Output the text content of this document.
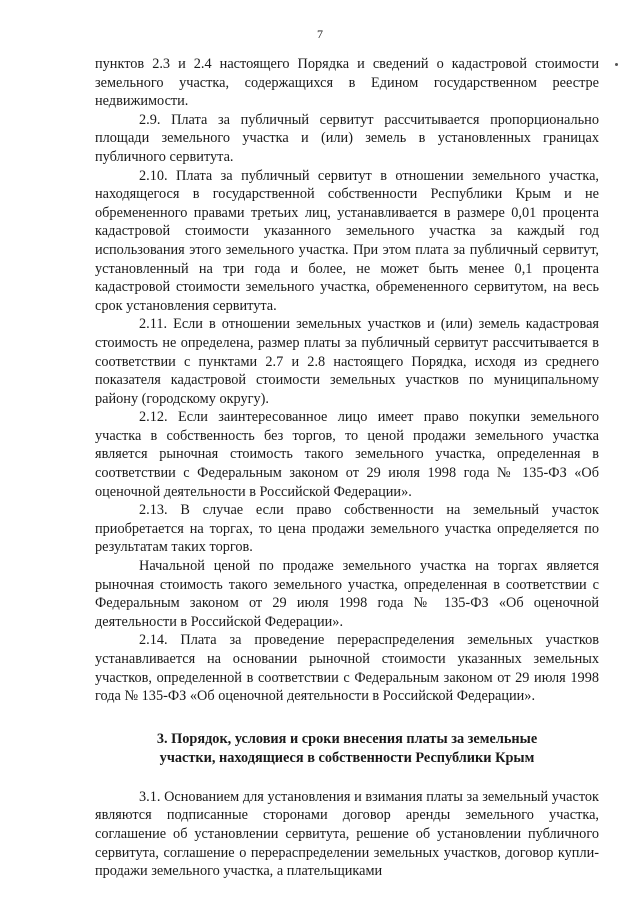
7

пунктов 2.3 и 2.4 настоящего Порядка и сведений о кадастровой стоимости земельного участка, содержащихся в Едином государственном реестре недвижимости.

2.9. Плата за публичный сервитут рассчитывается пропорционально площади земельного участка и (или) земель в установленных границах публичного сервитута.

2.10. Плата за публичный сервитут в отношении земельного участка, находящегося в государственной собственности Республики Крым и не обремененного правами третьих лиц, устанавливается в размере 0,01 процента кадастровой стоимости указанного земельного участка за каждый год использования этого земельного участка. При этом плата за публичный сервитут, установленный на три года и более, не может быть менее 0,1 процента кадастровой стоимости земельного участка, обремененного сервитутом, на весь срок установления сервитута.

2.11. Если в отношении земельных участков и (или) земель кадастровая стоимость не определена, размер платы за публичный сервитут рассчитывается в соответствии с пунктами 2.7 и 2.8 настоящего Порядка, исходя из среднего показателя кадастровой стоимости земельных участков по муниципальному району (городскому округу).

2.12. Если заинтересованное лицо имеет право покупки земельного участка в собственность без торгов, то ценой продажи земельного участка является рыночная стоимость такого земельного участка, определенная в соответствии с Федеральным законом от 29 июля 1998 года № 135-ФЗ «Об оценочной деятельности в Российской Федерации».

2.13. В случае если право собственности на земельный участок приобретается на торгах, то цена продажи земельного участка определяется по результатам таких торгов.

Начальной ценой по продаже земельного участка на торгах является рыночная стоимость такого земельного участка, определенная в соответствии с Федеральным законом от 29 июля 1998 года № 135-ФЗ «Об оценочной деятельности в Российской Федерации».

2.14. Плата за проведение перераспределения земельных участков устанавливается на основании рыночной стоимости указанных земельных участков, определенной в соответствии с Федеральным законом от 29 июля 1998 года № 135-ФЗ «Об оценочной деятельности в Российской Федерации».

3. Порядок, условия и сроки внесения платы за земельные
участки, находящиеся в собственности Республики Крым

3.1. Основанием для установления и взимания платы за земельный участок являются подписанные сторонами договор аренды земельного участка, соглашение об установлении сервитута, решение об установлении публичного сервитута, соглашение о перераспределении земельных участков, договор купли-продажи земельного участка, а плательщиками
